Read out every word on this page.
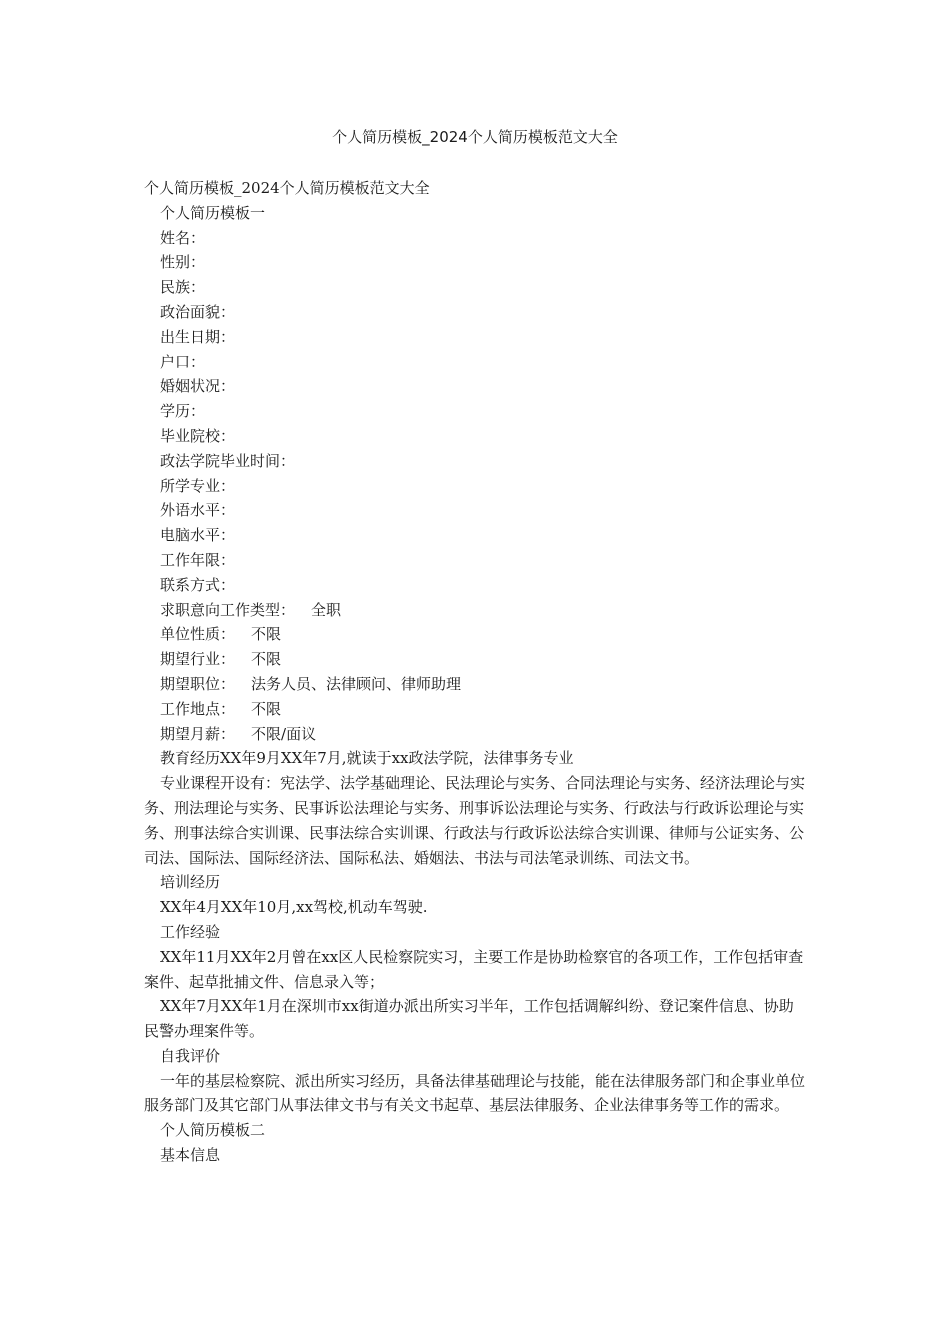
个人简历模板_2024个人简历模板范文大全

个人简历模板_2024个人简历模板范文大全

个人简历模板一

姓名：

性别：

民族：

政治面貌：

出生日期：

户口：

婚姻状况：

学历：

毕业院校：

政法学院毕业时间：

所学专业：

外语水平：

电脑水平：

工作年限：

联系方式：

求职意向工作类型： 全职

单位性质： 不限

期望行业： 不限

期望职位： 法务人员、法律顾问、律师助理

工作地点： 不限

期望月薪： 不限/面议

教育经历XX年9月XX年7月,就读于xx政法学院，法律事务专业

专业课程开设有：宪法学、法学基础理论、民法理论与实务、合同法理论与实务、经济法理论与实务、刑法理论与实务、民事诉讼法理论与实务、刑事诉讼法理论与实务、行政法与行政诉讼理论与实务、刑事法综合实训课、民事法综合实训课、行政法与行政诉讼法综合实训课、律师与公证实务、公司法、国际法、国际经济法、国际私法、婚姻法、书法与司法笔录训练、司法文书。

培训经历

XX年4月XX年10月,xx驾校,机动车驾驶.

工作经验

XX年11月XX年2月曾在xx区人民检察院实习，主要工作是协助检察官的各项工作，工作包括审查案件、起草批捕文件、信息录入等；

XX年7月XX年1月在深圳市xx街道办派出所实习半年，工作包括调解纠纷、登记案件信息、协助民警办理案件等。

自我评价

一年的基层检察院、派出所实习经历，具备法律基础理论与技能，能在法律服务部门和企事业单位服务部门及其它部门从事法律文书与有关文书起草、基层法律服务、企业法律事务等工作的需求。

个人简历模板二

基本信息
